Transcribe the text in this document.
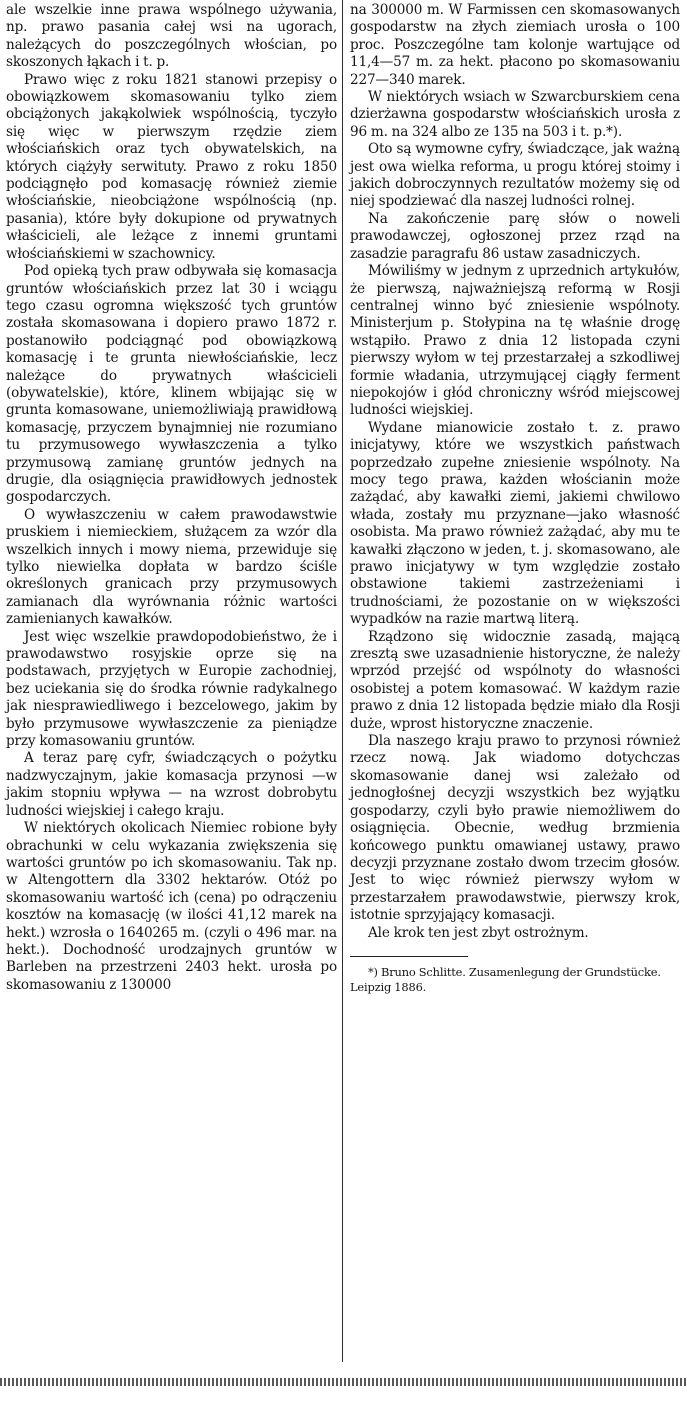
ale wszelkie inne prawa wspólnego używania, np. prawo pasania całej wsi na ugorach, należących do poszczególnych włościan, po skoszonych łąkach i t. p.

Prawo więc z roku 1821 stanowi przepisy o obowiązkowem skomasowaniu tylko ziem obciążonych jakąkolwiek wspólnością, tyczyło się więc w pierwszym rzędzie ziem włościańskich oraz tych obywatelskich, na których ciążyły serwituty. Prawo z roku 1850 podciągnęło pod komasację również ziemie włościańskie, nieobciążone wspólnością (np. pasania), które były dokupione od prywatnych właścicieli, ale leżące z innemi gruntami włościańskiemi w szachownicy.

Pod opieką tych praw odbywała się komasacja gruntów włościańskich przez lat 30 i wciągu tego czasu ogromna większość tych gruntów została skomasowana i dopiero prawo 1872 r. postanowiło podciągnąć pod obowiązkową komasację i te grunta niewłościańskie, lecz należące do prywatnych właścicieli (obywatelskie), które, klinem wbijając się w grunta komasowane, uniemożliwiają prawidłową komasację, przyczem bynajmniej nie rozumiano tu przymusowego wywłaszczenia a tylko przymusową zamianę gruntów jednych na drugie, dla osiągnięcia prawidłowych jednostek gospodarczych.

O wywłaszczeniu w całem prawodawstwie pruskiem i niemieckiem, służącem za wzór dla wszelkich innych i mowy niema, przewiduje się tylko niewielka dopłata w bardzo ściśle określonych granicach przy przymusowych zamianach dla wyrównania różnic wartości zamienianych kawałków.

Jest więc wszelkie prawdopodobieństwo, że i prawodawstwo rosyjskie oprze się na podstawach, przyjętych w Europie zachodniej, bez uciekania się do środka równie radykalnego jak niesprawiedliwego i bezcelowego, jakim by było przymusowe wywłaszczenie za pieniądze przy komasowaniu gruntów.

A teraz parę cyfr, świadczących o pożytku nadzwyczajnym, jakie komasacja przynosi —w jakim stopniu wpływa — na wzrost dobrobytu ludności wiejskiej i całego kraju.

W niektórych okolicach Niemiec robione były obrachunki w celu wykazania zwiększenia się wartości gruntów po ich skomasowaniu. Tak np. w Altengottern dla 3302 hektarów. Otóż po skomasowaniu wartość ich (cena) po odrączeniu kosztów na komasację (w ilości 41,12 marek na hekt.) wzrosła o 1640265 m. (czyli o 496 mar. na hekt.). Dochodność urodzajnych gruntów w Barleben na przestrzeni 2403 hekt. urosła po skomasowaniu z 130000

na 300000 m. W Farmissen cen skomasowanych gospodarstw na złych ziemiach urosła o 100 proc. Poszczególne tam kolonje wartujące od 11,4—57 m. za hekt. płacono po skomasowaniu 227—340 marek.

W niektórych wsiach w Szwarcburskiem cena dzierżawna gospodarstw włościańskich urosła z 96 m. na 324 albo ze 135 na 503 i t. p.*).

Oto są wymowne cyfry, świadczące, jak ważną jest owa wielka reforma, u progu której stoimy i jakich dobroczynnych rezultatów możemy się od niej spodziewać dla naszej ludności rolnej.

Na zakończenie parę słów o noweli prawodawczej, ogłoszonej przez rząd na zasadzie paragrafu 86 ustaw zasadniczych.

Mówiliśmy w jednym z uprzednich artykułów, że pierwszą, najważniejszą reformą w Rosji centralnej winno być zniesienie wspólnoty. Ministerjum p. Stołypina na tę właśnie drogę wstąpiło. Prawo z dnia 12 listopada czyni pierwszy wyłom w tej przestarzałej a szkodliwej formie władania, utrzymującej ciągły ferment niepokojów i głód chroniczny wśród miejscowej ludności wiejskiej.

Wydane mianowicie zostało t. z. prawo inicjatywy, które we wszystkich państwach poprzedzało zupełne zniesienie wspólnoty. Na mocy tego prawa, każden włościanin może zażądać, aby kawałki ziemi, jakiemi chwilowo włada, zostały mu przyznane—jako własność osobista. Ma prawo również zażądać, aby mu te kawałki złączono w jeden, t. j. skomasowano, ale prawo inicjatywy w tym względzie zostało obstawione takiemi zastrzeżeniami i trudnościami, że pozostanie on w większości wypadków na razie martwą literą.

Rządzono się widocznie zasadą, mającą zresztą swe uzasadnienie historyczne, że należy wprzód przejść od wspólnoty do własności osobistej a potem komasować. W każdym razie prawo z dnia 12 listopada będzie miało dla Rosji duże, wprost historyczne znaczenie.

Dla naszego kraju prawo to przynosi również rzecz nową. Jak wiadomo dotychczas skomasowanie danej wsi zależało od jednogłośnej decyzji wszystkich bez wyjątku gospodarzy, czyli było prawie niemożliwem do osiągnięcia. Obecnie, według brzmienia końcowego punktu omawianej ustawy, prawo decyzji przyznane zostało dwom trzecim głosów. Jest to więc również pierwszy wyłom w przestarzałem prawodawstwie, pierwszy krok, istotnie sprzyjający komasacji.

Ale krok ten jest zbyt ostrożnym.

*) Bruno Schlitte. Zusamenlegung der Grundstücke. Leipzig 1886.
